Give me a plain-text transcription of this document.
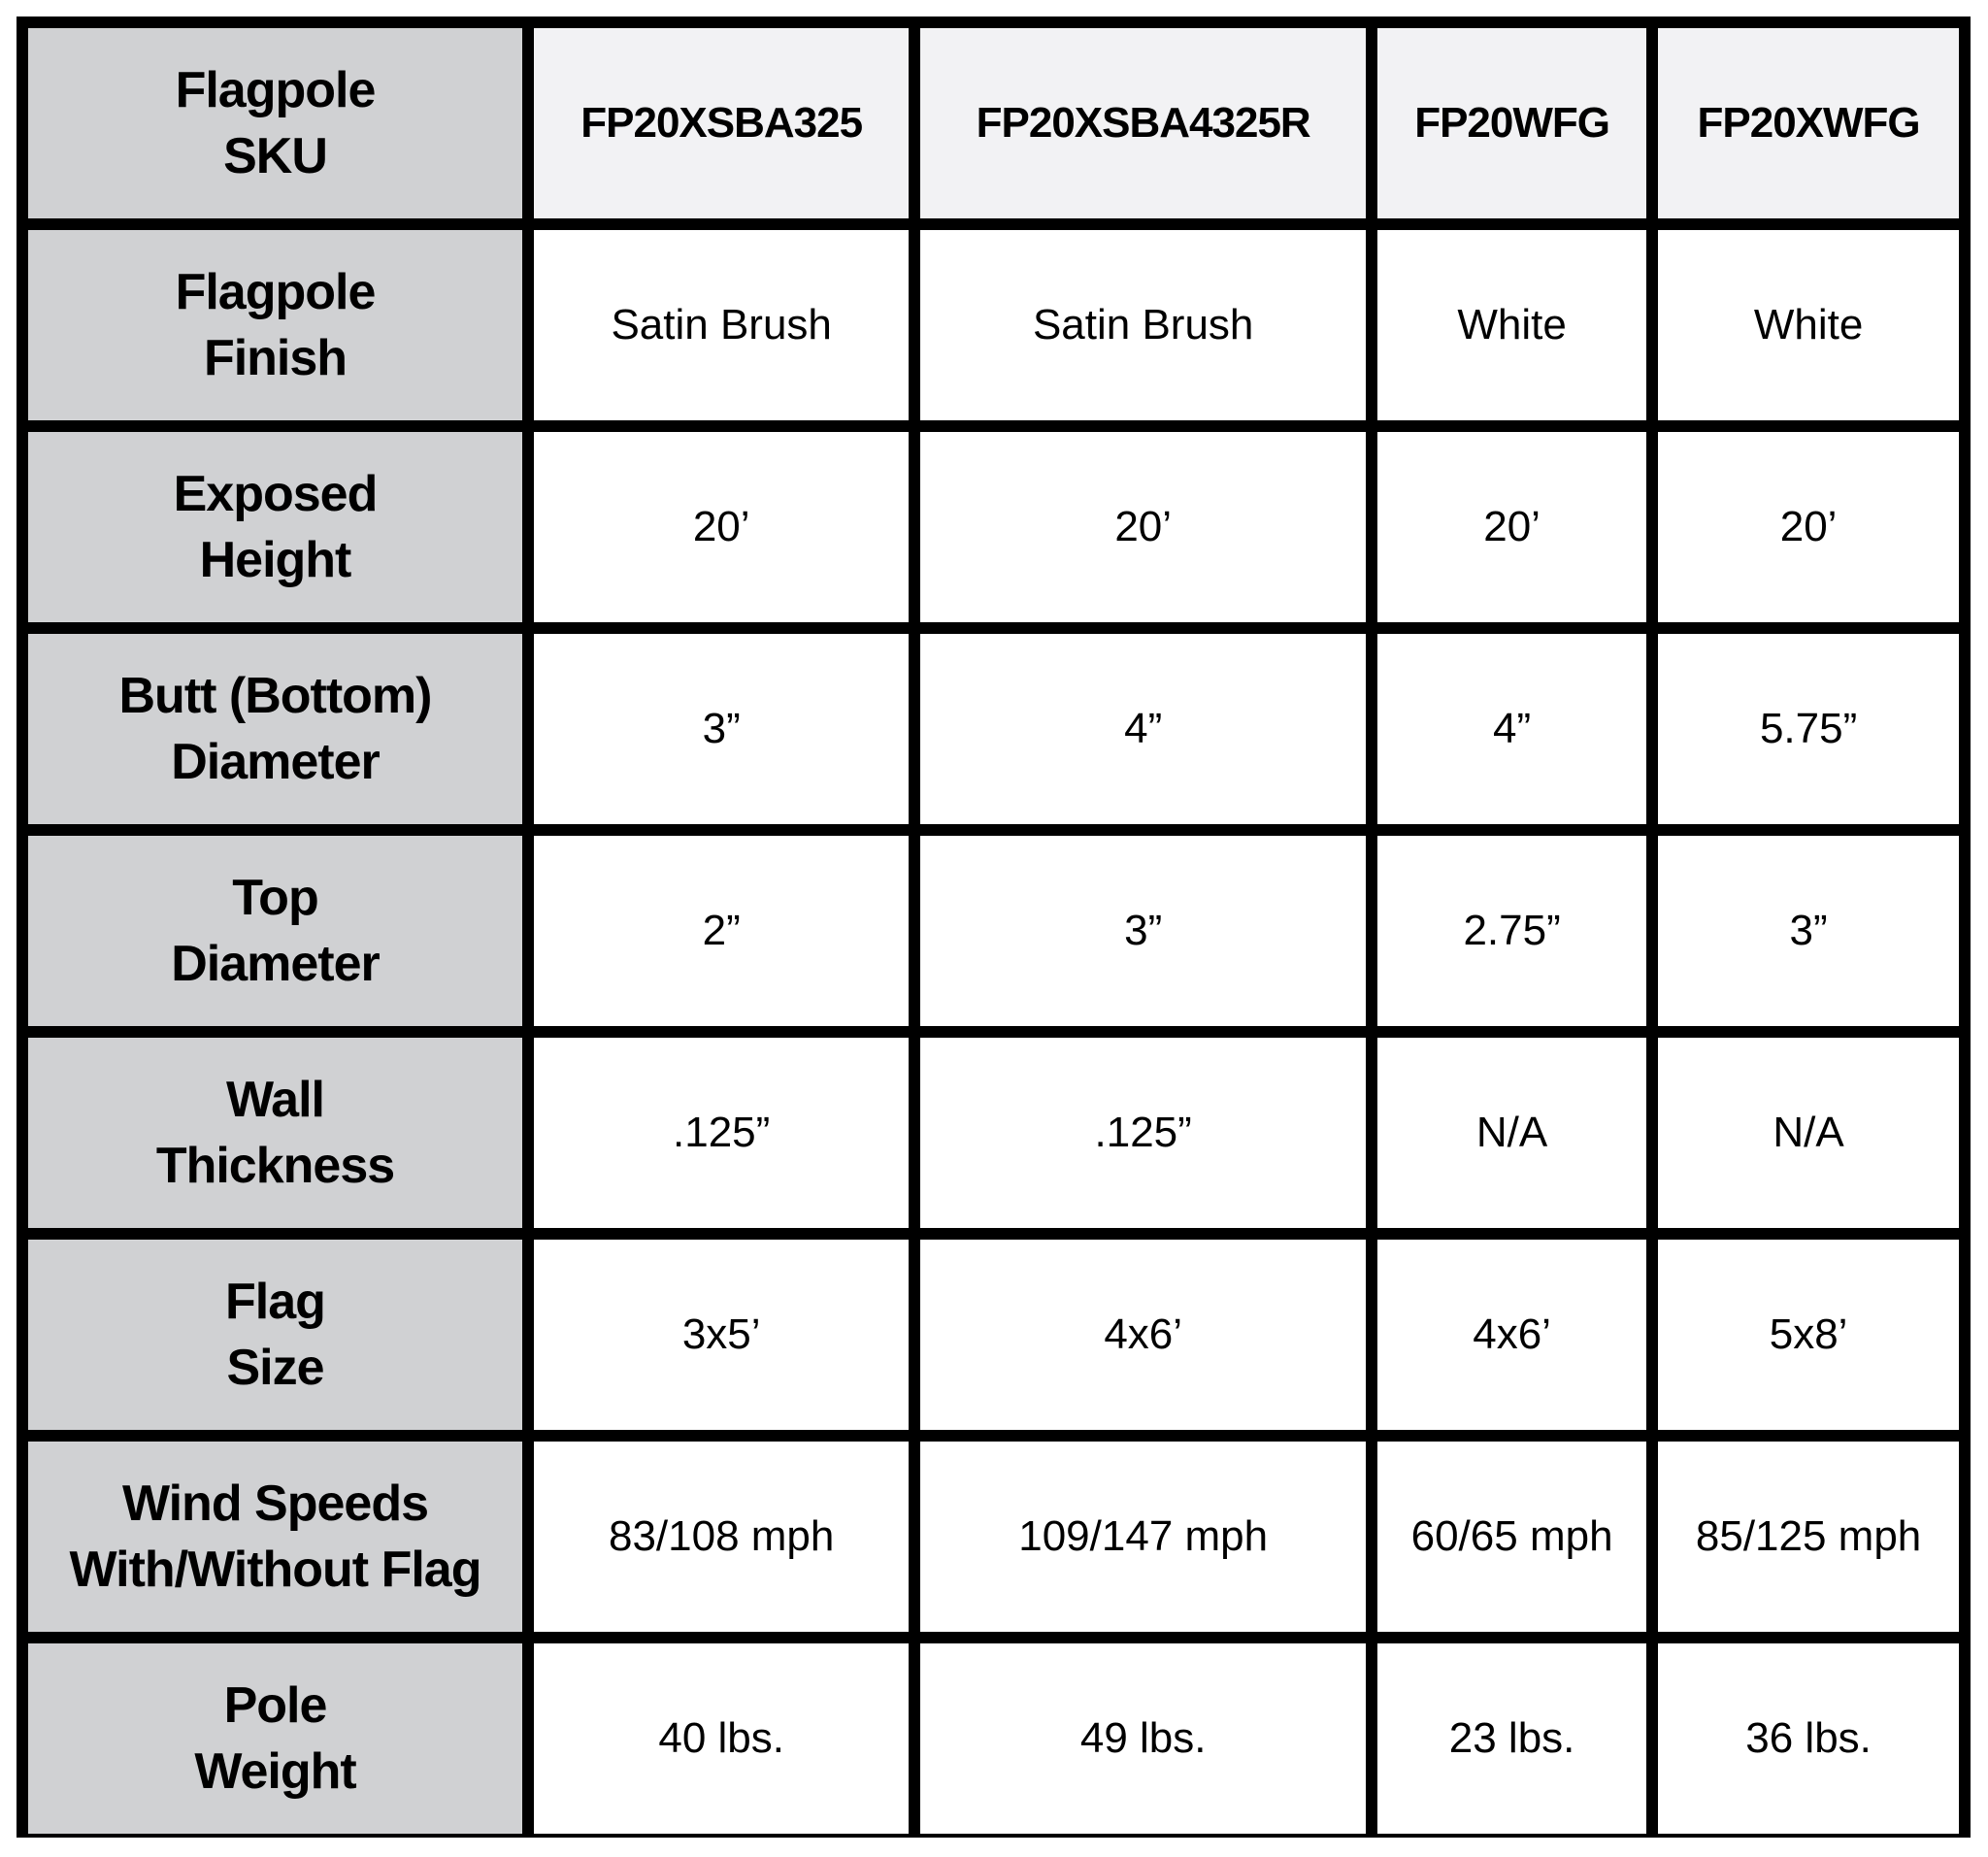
Flagpole
SKU	FP20XSBA325	FP20XSBA4325R	FP20WFG	FP20XWFG
Flagpole
Finish	Satin Brush	Satin Brush	White	White
Exposed
Height	20’	20’	20’	20’
Butt (Bottom)
Diameter	3”	4”	4”	5.75”
Top
Diameter	2”	3”	2.75”	3”
Wall
Thickness	.125”	.125”	N/A	N/A
Flag
Size	3x5’	4x6’	4x6’	5x8’
Wind Speeds
With/Without Flag	83/108 mph	109/147 mph	60/65 mph	85/125 mph
Pole
Weight	40 lbs.	49 lbs.	23 lbs.	36 lbs.
